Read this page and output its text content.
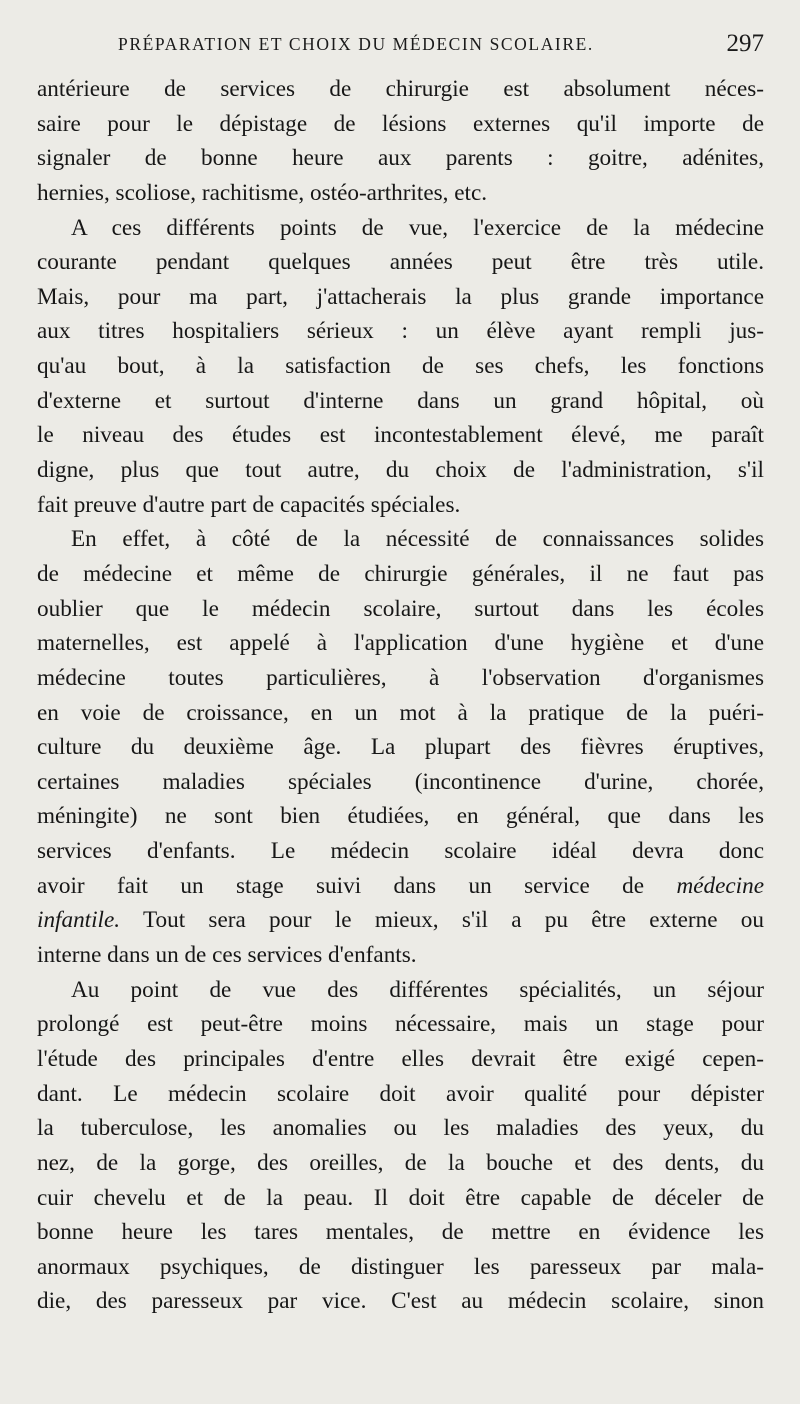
PRÉPARATION ET CHOIX DU MÉDECIN SCOLAIRE.	297
antérieure de services de chirurgie est absolument néces-
saire pour le dépistage de lésions externes qu'il importe de
signaler de bonne heure aux parents : goitre, adénites,
hernies, scoliose, rachitisme, ostéo-arthrites, etc.
A ces différents points de vue, l'exercice de la médecine
courante pendant quelques années peut être très utile.
Mais, pour ma part, j'attacherais la plus grande importance
aux titres hospitaliers sérieux : un élève ayant rempli jus-
qu'au bout, à la satisfaction de ses chefs, les fonctions
d'externe et surtout d'interne dans un grand hôpital, où
le niveau des études est incontestablement élevé, me paraît
digne, plus que tout autre, du choix de l'administration, s'il
fait preuve d'autre part de capacités spéciales.
En effet, à côté de la nécessité de connaissances solides
de médecine et même de chirurgie générales, il ne faut pas
oublier que le médecin scolaire, surtout dans les écoles
maternelles, est appelé à l'application d'une hygiène et d'une
médecine toutes particulières, à l'observation d'organismes
en voie de croissance, en un mot à la pratique de la puéri-
culture du deuxième âge. La plupart des fièvres éruptives,
certaines maladies spéciales (incontinence d'urine, chorée,
méningite) ne sont bien étudiées, en général, que dans les
services d'enfants. Le médecin scolaire idéal devra donc
avoir fait un stage suivi dans un service de médecine
infantile. Tout sera pour le mieux, s'il a pu être externe ou
interne dans un de ces services d'enfants.
Au point de vue des différentes spécialités, un séjour
prolongé est peut-être moins nécessaire, mais un stage pour
l'étude des principales d'entre elles devrait être exigé cepen-
dant. Le médecin scolaire doit avoir qualité pour dépister
la tuberculose, les anomalies ou les maladies des yeux, du
nez, de la gorge, des oreilles, de la bouche et des dents, du
cuir chevelu et de la peau. Il doit être capable de déceler de
bonne heure les tares mentales, de mettre en évidence les
anormaux psychiques, de distinguer les paresseux par mala-
die, des paresseux par vice. C'est au médecin scolaire, sinon
